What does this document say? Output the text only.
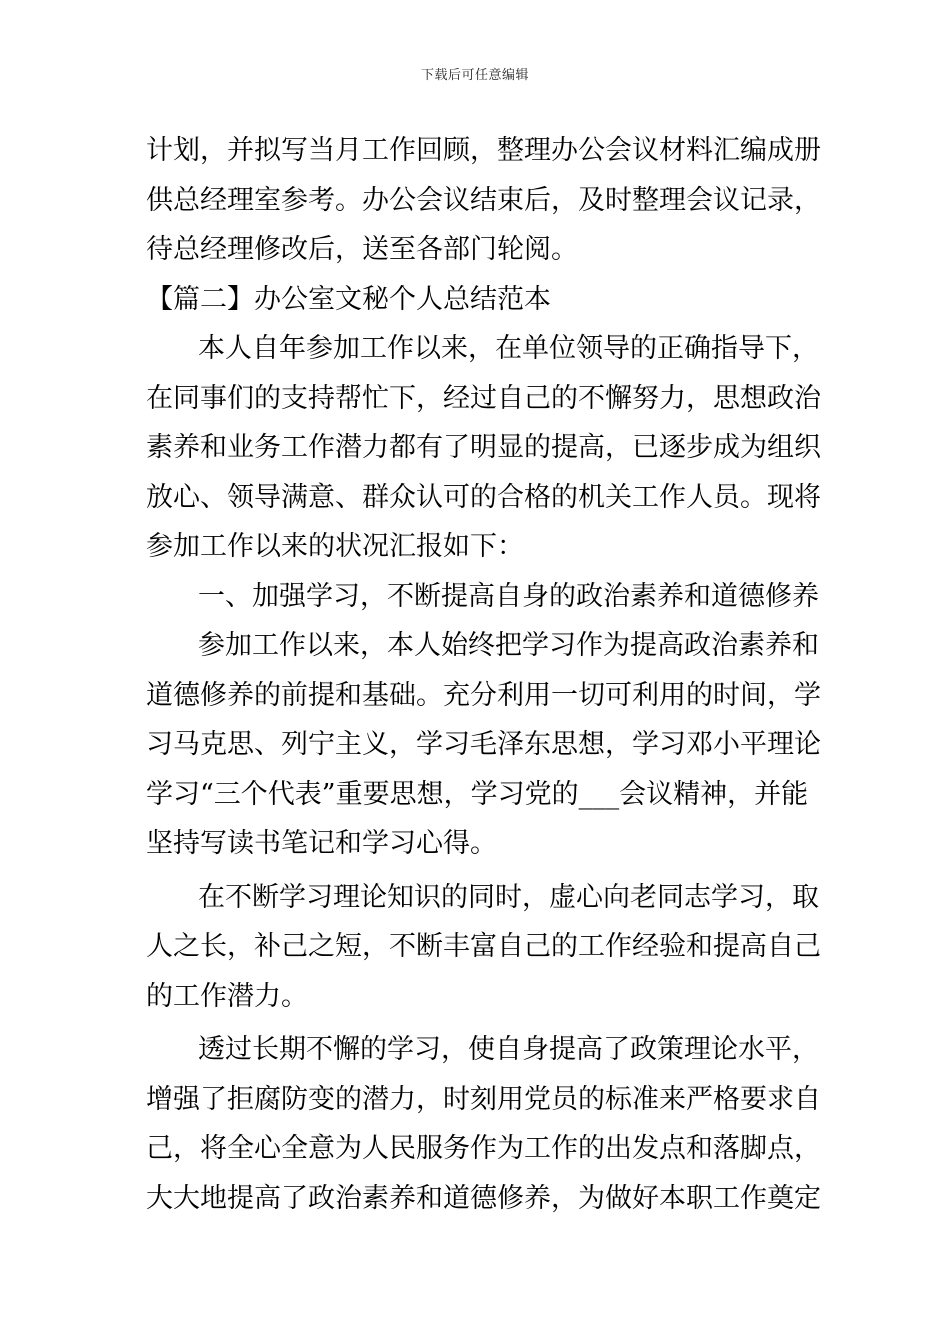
下载后可任意编辑
计划，并拟写当月工作回顾，整理办公会议材料汇编成册
供总经理室参考。办公会议结束后，及时整理会议记录，
待总经理修改后，送至各部门轮阅。
【篇二】办公室文秘个人总结范本
本人自年参加工作以来，在单位领导的正确指导下，
在同事们的支持帮忙下，经过自己的不懈努力，思想政治
素养和业务工作潜力都有了明显的提高，已逐步成为组织
放心、领导满意、群众认可的合格的机关工作人员。现将
参加工作以来的状况汇报如下：
一、加强学习，不断提高自身的政治素养和道德修养
参加工作以来，本人始终把学习作为提高政治素养和
道德修养的前提和基础。充分利用一切可利用的时间，学
习马克思、列宁主义，学习毛泽东思想，学习邓小平理论
学习“三个代表”重要思想，学习党的___会议精神，并能
坚持写读书笔记和学习心得。
在不断学习理论知识的同时，虚心向老同志学习，取
人之长，补己之短，不断丰富自己的工作经验和提高自己
的工作潜力。
透过长期不懈的学习，使自身提高了政策理论水平，
增强了拒腐防变的潜力，时刻用党员的标准来严格要求自
己，将全心全意为人民服务作为工作的出发点和落脚点，
大大地提高了政治素养和道德修养，为做好本职工作奠定
